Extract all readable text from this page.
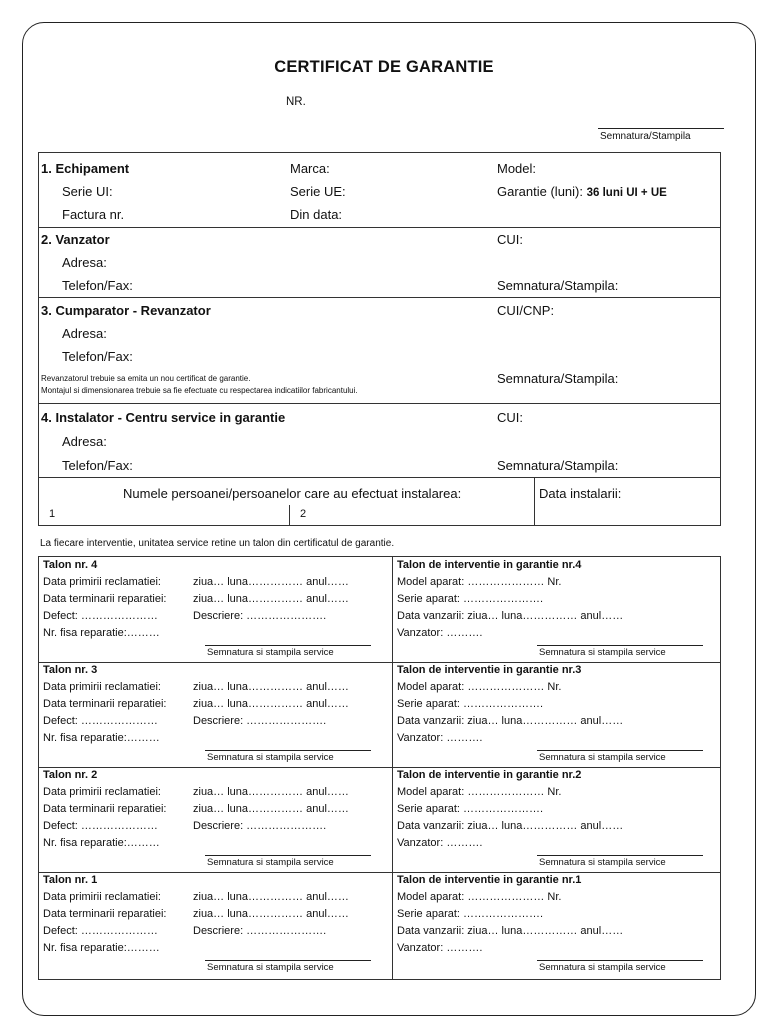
CERTIFICAT DE GARANTIE
NR.
Semnatura/Stampila
1. Echipament	Marca:	Model:
Serie UI:	Serie UE:	Garantie (luni): 36 luni UI + UE
Factura nr.	Din data:
2. Vanzator	CUI:
Adresa:
Telefon/Fax:	Semnatura/Stampila:
3. Cumparator - Revanzator	CUI/CNP:
Adresa:
Telefon/Fax:
Revanzatorul trebuie sa emita un nou certificat de garantie.
Montajul si dimensionarea trebuie sa fie efectuate cu respectarea indicatiilor fabricantului.
Semnatura/Stampila:
4. Instalator - Centru service in garantie	CUI:
Adresa:
Telefon/Fax:	Semnatura/Stampila:
Numele persoanei/persoanelor care au efectuat instalarea:	Data instalarii:
1	2
La fiecare interventie, unitatea service retine un talon din certificatul de garantie.
Talon nr. 4
Data primirii reclamatiei:	ziua… luna…………… anul……
Data terminarii reparatiei: ziua… luna…………… anul……
Defect: …………………	Descriere: ………………….
Nr. fisa reparatie:………
Semnatura si stampila service
Talon de interventie in garantie nr.4
Model aparat: ………………… Nr.
Serie aparat: ………………….
Data vanzarii: ziua… luna…………… anul……
Vanzator: ……….
Semnatura si stampila service
Talon nr. 3
Data primirii reclamatiei:	ziua… luna…………… anul……
Data terminarii reparatiei: ziua… luna…………… anul……
Defect: …………………	Descriere: ………………….
Nr. fisa reparatie:………
Semnatura si stampila service
Talon de interventie in garantie nr.3
Model aparat: ………………… Nr.
Serie aparat: ………………….
Data vanzarii: ziua… luna…………… anul……
Vanzator: ……….
Semnatura si stampila service
Talon nr. 2
Data primirii reclamatiei:	ziua… luna…………… anul……
Data terminarii reparatiei: ziua… luna…………… anul……
Defect: …………………	Descriere: ………………….
Nr. fisa reparatie:………
Semnatura si stampila service
Talon de interventie in garantie nr.2
Model aparat: ………………… Nr.
Serie aparat: ………………….
Data vanzarii: ziua… luna…………… anul……
Vanzator: ……….
Semnatura si stampila service
Talon nr. 1
Data primirii reclamatiei:	ziua… luna…………… anul……
Data terminarii reparatiei: ziua… luna…………… anul……
Defect: …………………	Descriere: ………………….
Nr. fisa reparatie:………
Semnatura si stampila service
Talon de interventie in garantie nr.1
Model aparat: ………………… Nr.
Serie aparat: ………………….
Data vanzarii: ziua… luna…………… anul……
Vanzator: ……….
Semnatura si stampila service
